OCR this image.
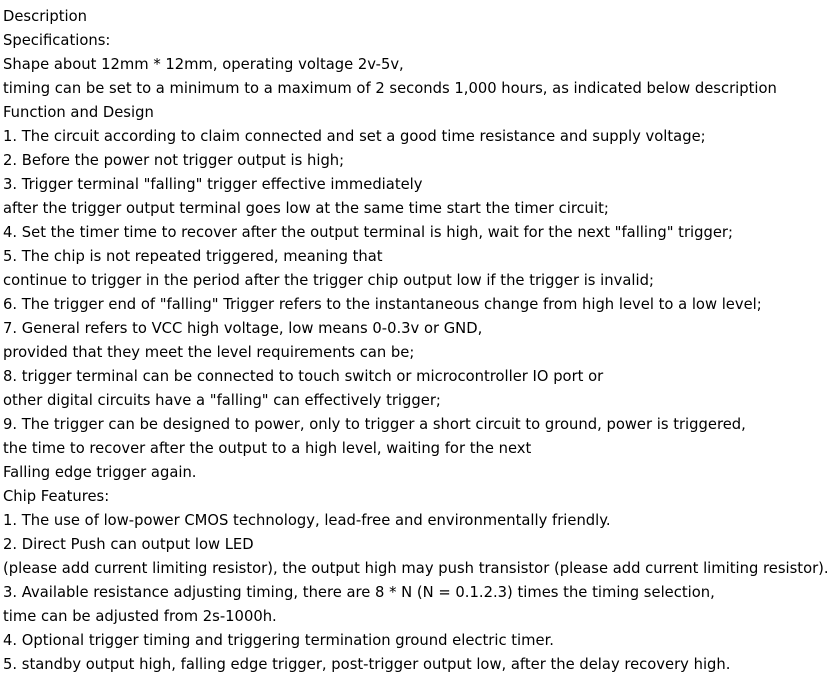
Description
Specifications:
Shape about 12mm * 12mm, operating voltage 2v-5v,
timing can be set to a minimum to a maximum of 2 seconds 1,000 hours, as indicated below description
Function and Design
1. The circuit according to claim connected and set a good time resistance and supply voltage;
2. Before the power not trigger output is high;
3. Trigger terminal "falling" trigger effective immediately
after the trigger output terminal goes low at the same time start the timer circuit;
4. Set the timer time to recover after the output terminal is high, wait for the next "falling" trigger;
5. The chip is not repeated triggered, meaning that
continue to trigger in the period after the trigger chip output low if the trigger is invalid;
6. The trigger end of "falling" Trigger refers to the instantaneous change from high level to a low level;
7. General refers to VCC high voltage, low means 0-0.3v or GND,
provided that they meet the level requirements can be;
8. trigger terminal can be connected to touch switch or microcontroller IO port or
other digital circuits have a "falling" can effectively trigger;
9. The trigger can be designed to power, only to trigger a short circuit to ground, power is triggered,
the time to recover after the output to a high level, waiting for the next
Falling edge trigger again.
Chip Features:
1. The use of low-power CMOS technology, lead-free and environmentally friendly.
2. Direct Push can output low LED
(please add current limiting resistor), the output high may push transistor (please add current limiting resistor).
3. Available resistance adjusting timing, there are 8 * N (N = 0.1.2.3) times the timing selection,
time can be adjusted from 2s-1000h.
4. Optional trigger timing and triggering termination ground electric timer.
5. standby output high, falling edge trigger, post-trigger output low, after the delay recovery high.
